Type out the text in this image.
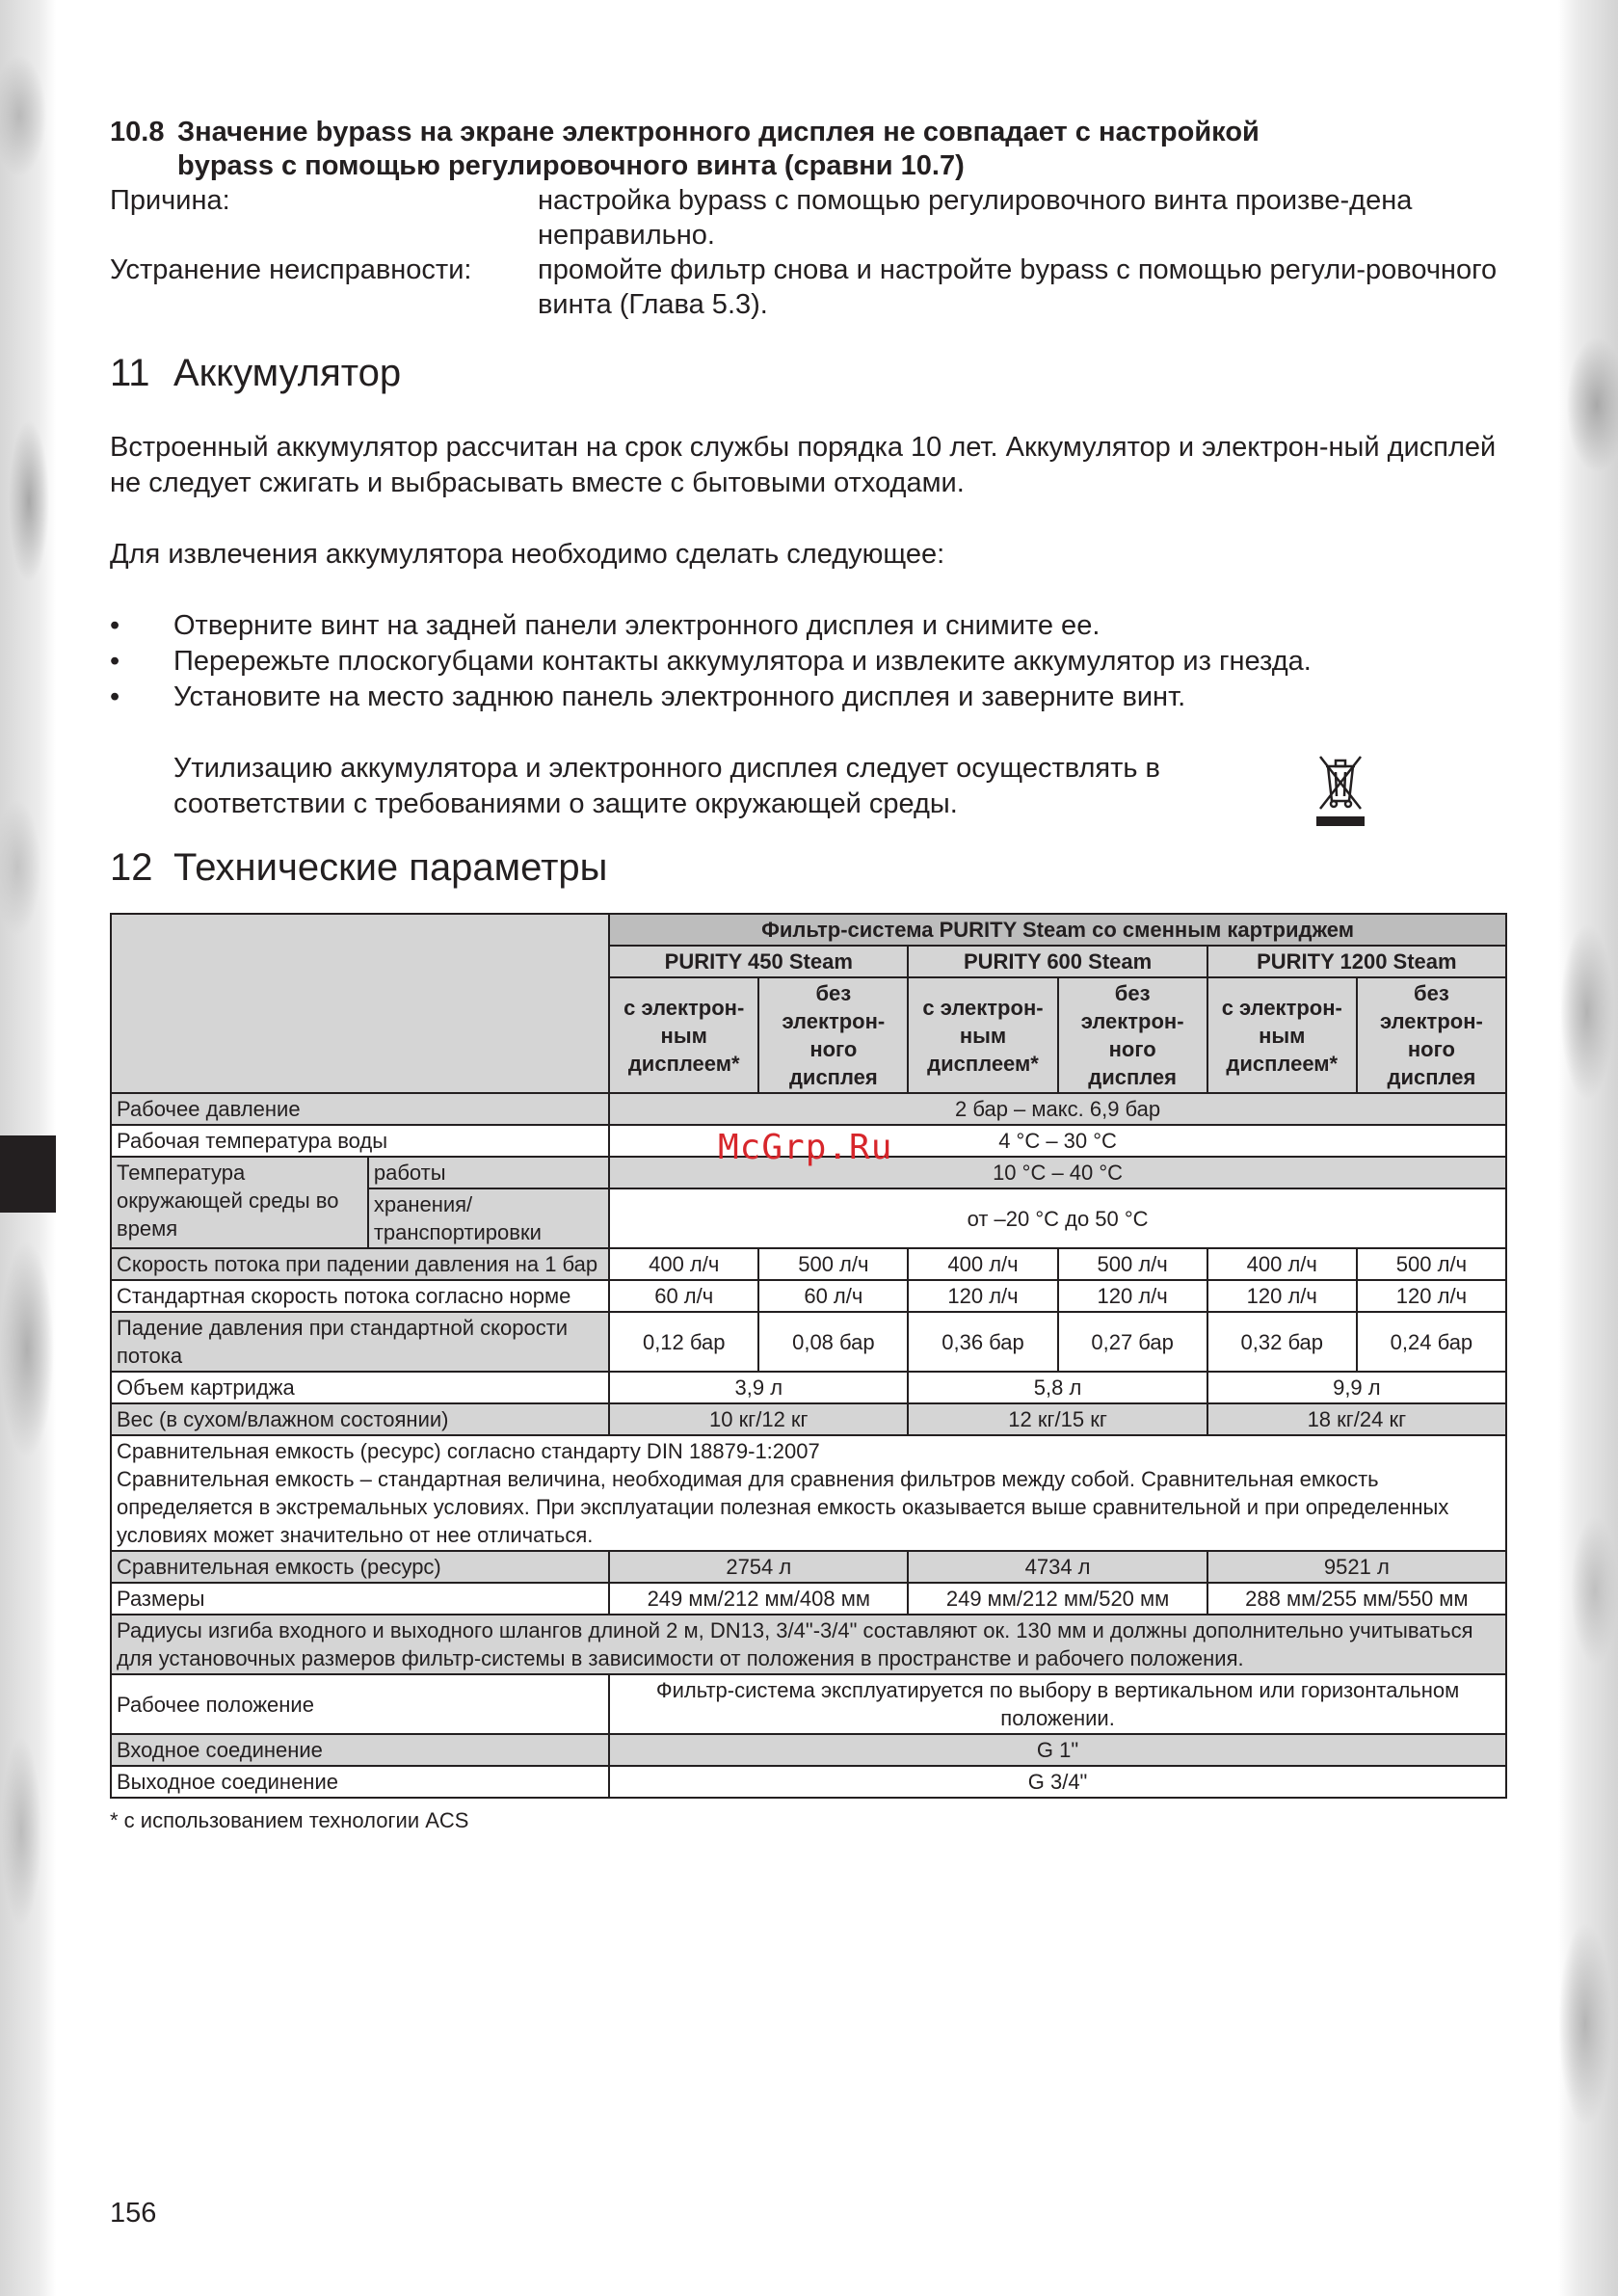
10.8 Значение bypass на экране электронного дисплея не совпадает с настройкой
bypass с помощью регулировочного винта (сравни 10.7)
Причина:	настройка bypass с помощью регулировочного винта произве-дена неправильно.
Устранение неисправности:	промойте фильтр снова и настройте bypass с помощью регули-ровочного винта (Глава 5.3).
11 Аккумулятор

Встроенный аккумулятор рассчитан на срок службы порядка 10 лет. Аккумулятор и электрон-ный дисплей не следует сжигать и выбрасывать вместе с бытовыми отходами.

Для извлечения аккумулятора необходимо сделать следующее:

• Отверните винт на задней панели электронного дисплея и снимите ее.
• Перережьте плоскогубцами контакты аккумулятора и извлеките аккумулятор из гнезда.
• Установите на место заднюю панель электронного дисплея и заверните винт.
Утилизацию аккумулятора и электронного дисплея следует осуществлять в соответствии с требованиями о защите окружающей среды.
12 Технические параметры
		Фильтр-система PURITY Steam со сменным картриджем					
		PURITY 450 Steam		PURITY 600 Steam		PURITY 1200 Steam	
		с электрон-ным дисплеем*	без электрон-ного дисплея	с электрон-ным дисплеем*	без электрон-ного дисплея	с электрон-ным дисплеем*	без электрон-ного дисплея
Рабочее давление		2 бар – макс. 6,9 бар					
Рабочая температура воды		4 °C – 30 °C					
Температура окружающей среды во время	работы	10 °C – 40 °C					
	хранения/ транспортировки	от –20 °C до 50 °C					
Скорость потока при падении давления на 1 бар		400 л/ч	500 л/ч	400 л/ч	500 л/ч	400 л/ч	500 л/ч
Стандартная скорость потока согласно норме		60 л/ч	60 л/ч	120 л/ч	120 л/ч	120 л/ч	120 л/ч
Падение давления при стандартной скорости потока		0,12 бар	0,08 бар	0,36 бар	0,27 бар	0,32 бар	0,24 бар
Объем картриджа		3,9 л		5,8 л		9,9 л	
Вес (в сухом/влажном состоянии)		10 кг/12 кг		12 кг/15 кг		18 кг/24 кг	

Сравнительная емкость (ресурс) согласно стандарту DIN 18879-1:2007
Сравнительная емкость – стандартная величина, необходимая для сравнения фильтров между собой. Сравнительная емкость определяется в экстремальных условиях. При эксплуатации полезная емкость оказывается выше сравнительной и при определенных условиях может значительно от нее отличаться.							

Сравнительная емкость (ресурс)		2754 л		4734 л		9521 л	
Размеры		249 мм/212 мм/408 мм		249 мм/212 мм/520 мм		288 мм/255 мм/550 мм	
Радиусы изгиба входного и выходного шлангов длиной 2 м, DN13, 3/4"-3/4" составляют ок. 130 мм и должны дополнительно учитываться для установочных размеров фильтр-системы в зависимости от положения в пространстве и рабочего положения.							
Рабочее положение		Фильтр-система эксплуатируется по выбору в вертикальном или горизонтальном положении.					
Входное соединение		G 1"					
Выходное соединение		G 3/4"					
* с использованием технологии ACS
McGrp.Ru
156
